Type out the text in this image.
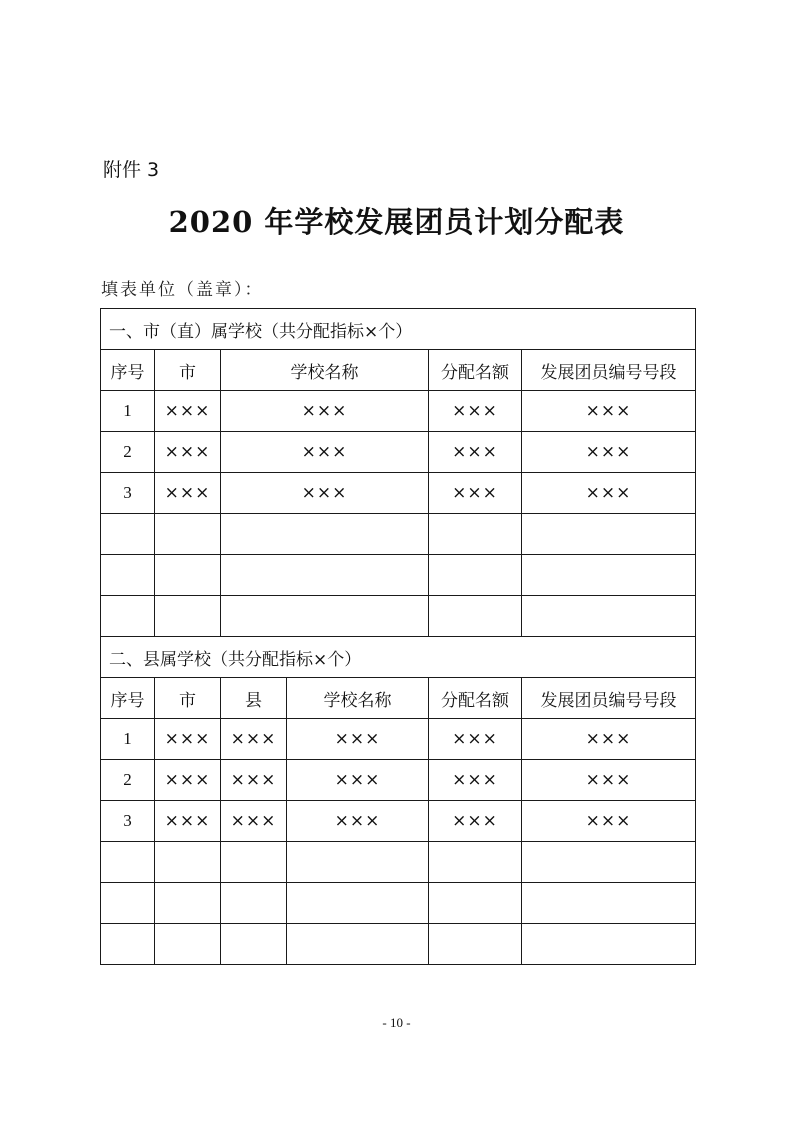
附件 3
2020 年学校发展团员计划分配表
填表单位（盖章）：
一、市（直）属学校（共分配指标×个）					
序号	市	学校名称		分配名额	发展团员编号号段
1	×××	×××		×××	×××
2	×××	×××		×××	×××
3	×××	×××		×××	×××

二、县属学校（共分配指标×个）					
序号	市	县	学校名称	分配名额	发展团员编号号段
1	×××	×××	×××	×××	×××
2	×××	×××	×××	×××	×××
3	×××	×××	×××	×××	×××

- 10 -
